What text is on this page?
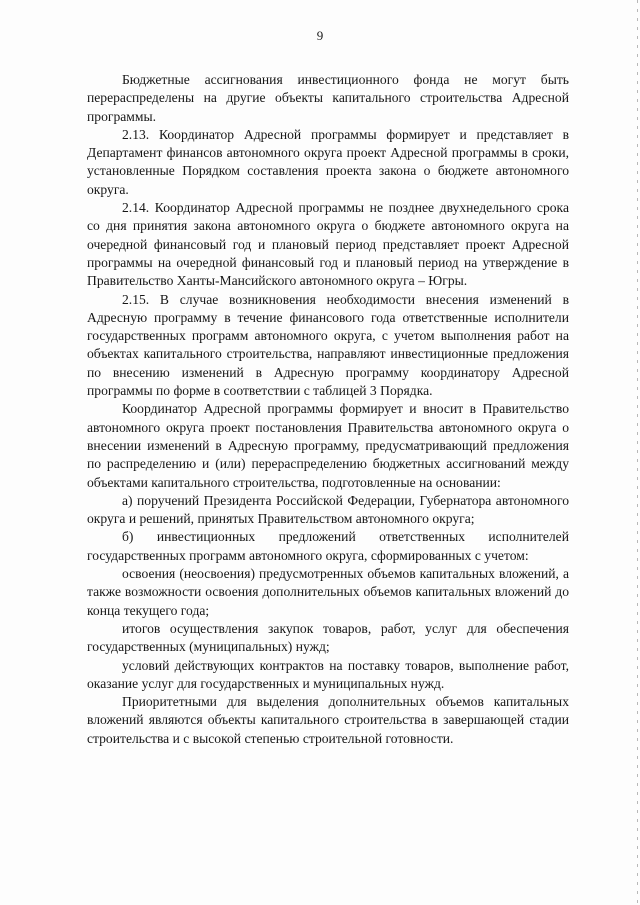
9

Бюджетные ассигнования инвестиционного фонда не могут быть перераспределены на другие объекты капитального строительства Адресной программы.

2.13. Координатор Адресной программы формирует и представляет в Департамент финансов автономного округа проект Адресной программы в сроки, установленные Порядком составления проекта закона о бюджете автономного округа.

2.14. Координатор Адресной программы не позднее двухнедельного срока со дня принятия закона автономного округа о бюджете автономного округа на очередной финансовый год и плановый период представляет проект Адресной программы на очередной финансовый год и плановый период на утверждение в Правительство Ханты-Мансийского автономного округа – Югры.

2.15. В случае возникновения необходимости внесения изменений в Адресную программу в течение финансового года ответственные исполнители государственных программ автономного округа, с учетом выполнения работ на объектах капитального строительства, направляют инвестиционные предложения по внесению изменений в Адресную программу координатору Адресной программы по форме в соответствии с таблицей 3 Порядка.

Координатор Адресной программы формирует и вносит в Правительство автономного округа проект постановления Правительства автономного округа о внесении изменений в Адресную программу, предусматривающий предложения по распределению и (или) перераспределению бюджетных ассигнований между объектами капитального строительства, подготовленные на основании:

а) поручений Президента Российской Федерации, Губернатора автономного округа и решений, принятых Правительством автономного округа;

б) инвестиционных предложений ответственных исполнителей государственных программ автономного округа, сформированных с учетом:

освоения (неосвоения) предусмотренных объемов капитальных вложений, а также возможности освоения дополнительных объемов капитальных вложений до конца текущего года;

итогов осуществления закупок товаров, работ, услуг для обеспечения государственных (муниципальных) нужд;

условий действующих контрактов на поставку товаров, выполнение работ, оказание услуг для государственных и муниципальных нужд.

Приоритетными для выделения дополнительных объемов капитальных вложений являются объекты капитального строительства в завершающей стадии строительства и с высокой степенью строительной готовности.
